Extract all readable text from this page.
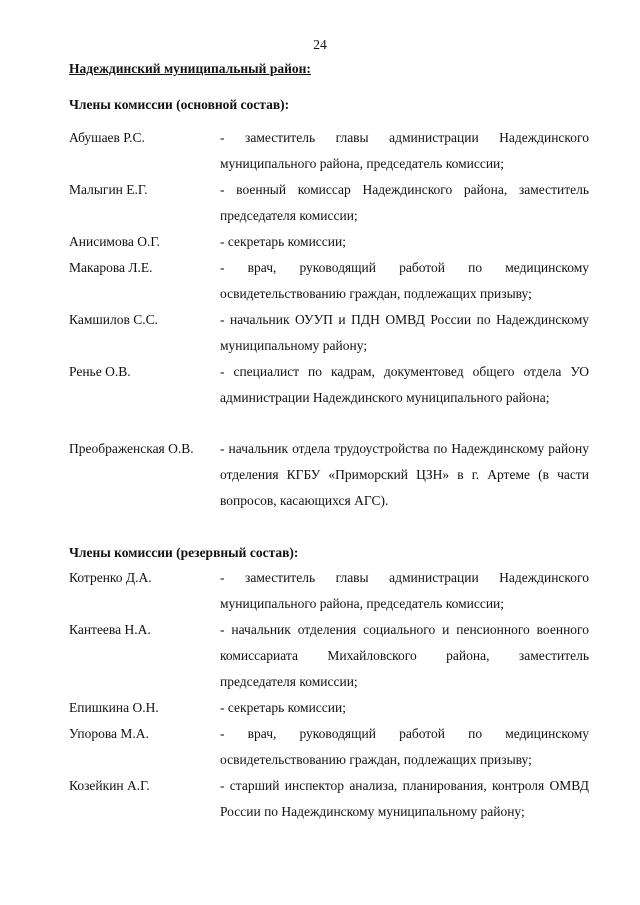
24
Надеждинский муниципальный район:
Члены комиссии (основной состав):
Абушаев Р.С.	- заместитель главы администрации Надеждинского муниципального района, председатель комиссии;
Малыгин Е.Г.	- военный комиссар Надеждинского района, заместитель председателя комиссии;
Анисимова О.Г.	- секретарь комиссии;
Макарова Л.Е.	- врач, руководящий работой по медицинскому освидетельствованию граждан, подлежащих призыву;
Камшилов С.С.	- начальник ОУУП и ПДН ОМВД России по Надеждинскому муниципальному району;
Ренье О.В.	- специалист по кадрам, документовед общего отдела УО администрации Надеждинского муниципального района;
Преображенская О.В. - начальник отдела трудоустройства по Надеждинскому району отделения КГБУ «Приморский ЦЗН» в г. Артеме (в части вопросов, касающихся АГС).
Члены комиссии (резервный состав):
Котренко Д.А.	- заместитель главы администрации Надеждинского муниципального района, председатель комиссии;
Кантеева Н.А.	- начальник отделения социального и пенсионного военного комиссариата Михайловского района, заместитель председателя комиссии;
Епишкина О.Н.	- секретарь комиссии;
Упорова М.А.	- врач, руководящий работой по медицинскому освидетельствованию граждан, подлежащих призыву;
Козейкин А.Г.	- старший инспектор анализа, планирования, контроля ОМВД России по Надеждинскому муниципальному району;
